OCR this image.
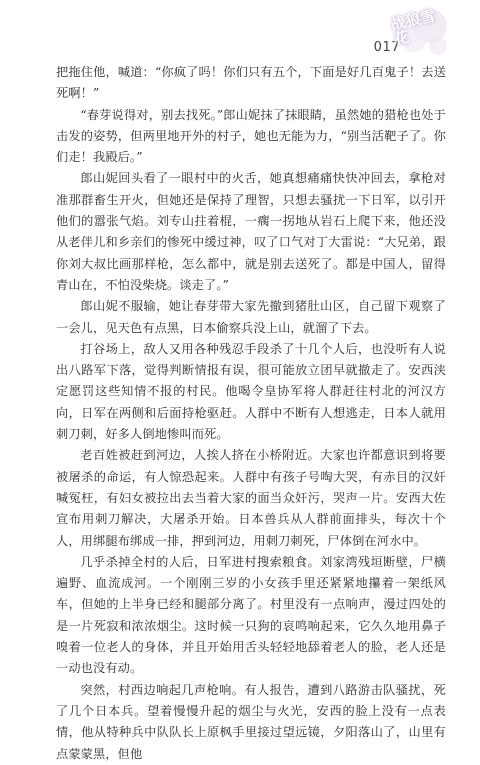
017
战狼雪花

把拖住他，喊道：“你疯了吗！你们只有五个，下面是好几百鬼子！去送死啊！”

“春芽说得对，别去找死。”郎山妮抹了抹眼睛，虽然她的猎枪也处于击发的姿势，但两里地开外的村子，她也无能为力，“别当活靶子了。你们走！我殿后。”

郎山妮回头看了一眼村中的火舌，她真想痛痛快快冲回去，拿枪对准那群畜生开火，但她还是保持了理智，只想去骚扰一下日军，以引开他们的嚣张气焰。刘专山拄着棍，一瘸一拐地从岩石上爬下来，他还没从老伴儿和乡亲们的惨死中缓过神，叹了口气对丁大雷说：“大兄弟，跟你刘大叔比画那样枪，怎么都中，就是别去送死了。都是中国人，留得青山在，不怕没柴烧。谈走了。”

郎山妮不服输，她让春芽带大家先撤到猪肚山区，自己留下观察了一会儿，见天色有点黑，日本偷察兵没上山，就溜了下去。

打谷场上，敌人又用各种残忍手段杀了十几个人后，也没听有人说出八路军下落，觉得判断情报有误，很可能放立团早就撤走了。安西浃定愿罚这些知情不报的村民。他喝令皇协军将人群赶往村北的河汉方向，日军在两侧和后面持枪驱赶。人群中不断有人想逃走，日本人就用刺刀刺，好多人倒地惨叫而死。

老百姓被赶到河边，人挨人挤在小桥附近。大家也许都意识到将要被屠杀的命运，有人惊恐起来。人群中有孩子号啕大哭，有赤目的汉奸喊冤枉，有妇女被拉出去当着大家的面当众奸污，哭声一片。安西大佐宣布用刺刀解决，大屠杀开始。日本兽兵从人群前面排头，每次十个人，用绑腿布绑成一排，押到河边，用刺刀刺死，尸体倒在河水中。

几乎杀掉全村的人后，日军进村搜索粮食。刘家湾残垣断壁，尸横遍野、血流成河。一个刚刚三岁的小女孩手里还紧紧地攥着一架纸风车，但她的上半身已经和腿部分离了。村里没有一点响声，漫过四处的是一片死寂和浓浓烟尘。这时候一只狗的哀鸣响起来，它久久地用鼻子嗅着一位老人的身体，并且开始用舌头轻轻地舔着老人的脸，老人还是一动也没有动。

突然，村西边响起几声枪响。有人报告，遭到八路游击队骚扰，死了几个日本兵。望着慢慢升起的烟尘与火光，安西的脸上没有一点表情，他从特种兵中队队长上原枫手里接过望远镜，夕阳落山了，山里有点蒙蒙黑，但他
